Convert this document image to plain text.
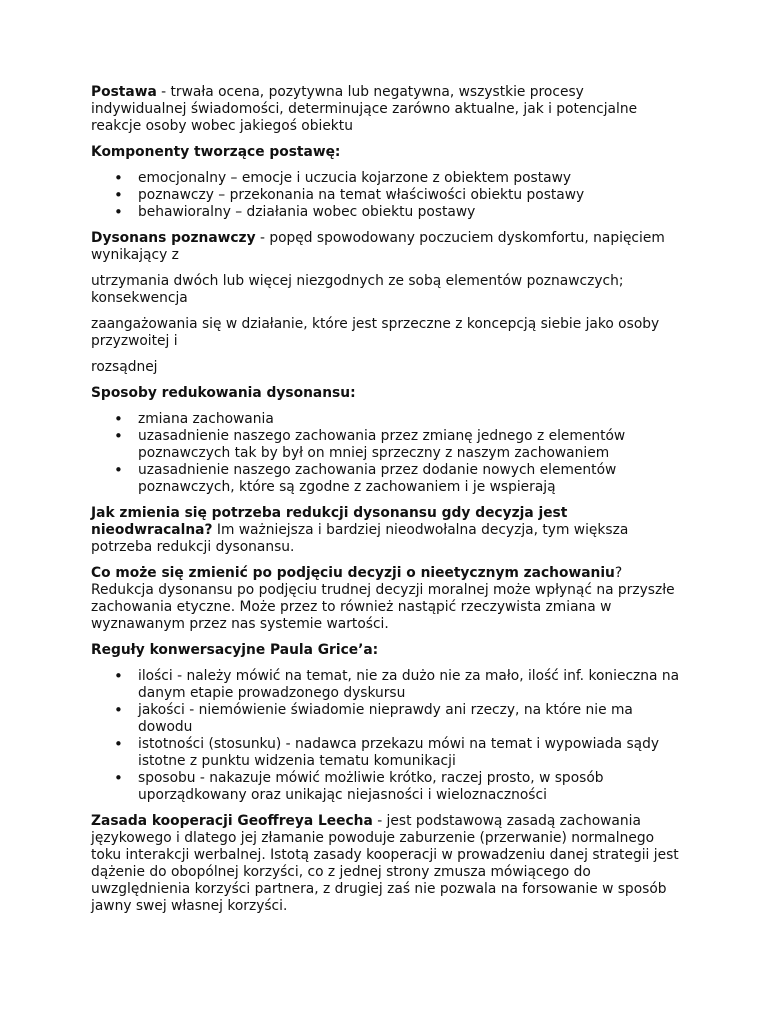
Postawa - trwała ocena, pozytywna lub negatywna, wszystkie procesy indywidualnej świadomości, determinujące zarówno aktualne, jak i potencjalne reakcje osoby wobec jakiegoś obiektu

Komponenty tworzące postawę:

• emocjonalny – emocje i uczucia kojarzone z obiektem postawy
• poznawczy – przekonania na temat właściwości obiektu postawy
• behawioralny – działania wobec obiektu postawy

Dysonans poznawczy - popęd spowodowany poczuciem dyskomfortu, napięciem wynikający z

utrzymania dwóch lub więcej niezgodnych ze sobą elementów poznawczych; konsekwencja

zaangażowania się w działanie, które jest sprzeczne z koncepcją siebie jako osoby przyzwoitej i

rozsądnej

Sposoby redukowania dysonansu:

• zmiana zachowania
• uzasadnienie naszego zachowania przez zmianę jednego z elementów poznawczych tak by był on mniej sprzeczny z naszym zachowaniem
• uzasadnienie naszego zachowania przez dodanie nowych elementów poznawczych, które są zgodne z zachowaniem i je wspierają

Jak zmienia się potrzeba redukcji dysonansu gdy decyzja jest nieodwracalna? Im ważniejsza i bardziej nieodwołalna decyzja, tym większa potrzeba redukcji dysonansu.

Co może się zmienić po podjęciu decyzji o nieetycznym zachowaniu? Redukcja dysonansu po podjęciu trudnej decyzji moralnej może wpłynąć na przyszłe zachowania etyczne. Może przez to również nastąpić rzeczywista zmiana w wyznawanym przez nas systemie wartości.

Reguły konwersacyjne Paula Grice’a:

• ilości - należy mówić na temat, nie za dużo nie za mało, ilość inf. konieczna na danym etapie prowadzonego dyskursu
• jakości - niemówienie świadomie nieprawdy ani rzeczy, na które nie ma dowodu
• istotności (stosunku) - nadawca przekazu mówi na temat i wypowiada sądy istotne z punktu widzenia tematu komunikacji
• sposobu - nakazuje mówić możliwie krótko, raczej prosto, w sposób uporządkowany oraz unikając niejasności i wieloznaczności

Zasada kooperacji Geoffreya Leecha - jest podstawową zasadą zachowania językowego i dlatego jej złamanie powoduje zaburzenie (przerwanie) normalnego toku interakcji werbalnej. Istotą zasady kooperacji w prowadzeniu danej strategii jest dążenie do obopólnej korzyści, co z jednej strony zmusza mówiącego do uwzględnienia korzyści partnera, z drugiej zaś nie pozwala na forsowanie w sposób jawny swej własnej korzyści.
